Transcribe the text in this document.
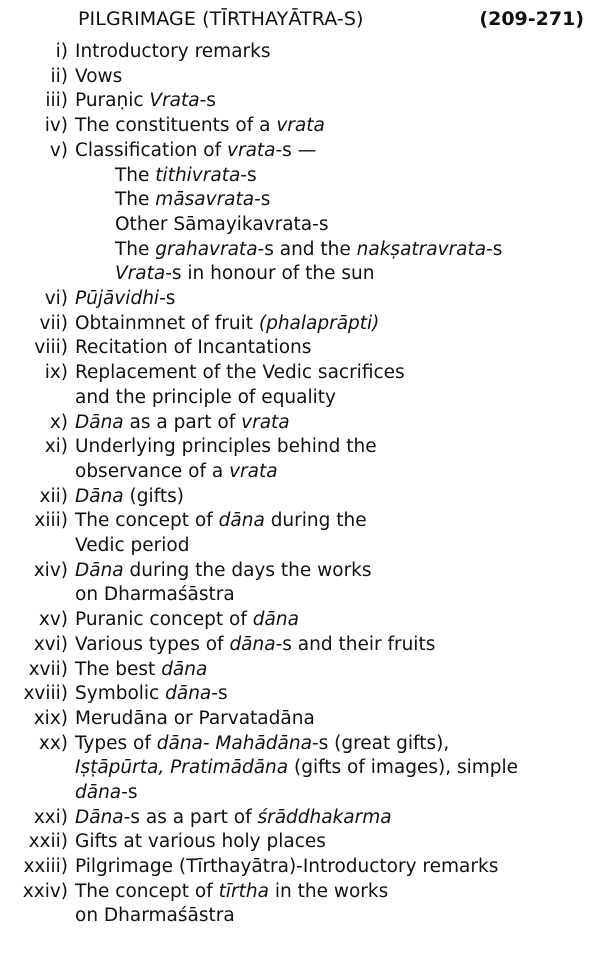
PILGRIMAGE (TĪRTHAYĀTRA-S)	(209-271)
i) Introductory remarks
ii) Vows
iii) Puraṇic Vrata-s
iv) The constituents of a vrata
v) Classification of vrata-s —
The tithivrata-s
The māsavrata-s
Other Sāmayikavrata-s
The grahavrata-s and the nakṣatravrata-s
Vrata-s in honour of the sun
vi) Pūjāvidhi-s
vii) Obtainmnet of fruit (phalaprāpti)
viii) Recitation of Incantations
ix) Replacement of the Vedic sacrifices
and the principle of equality
x) Dāna as a part of vrata
xi) Underlying principles behind the
observance of a vrata
xii) Dāna (gifts)
xiii) The concept of dāna during the
Vedic period
xiv) Dāna during the days the works
on Dharmaśāstra
xv) Puranic concept of dāna
xvi) Various types of dāna-s and their fruits
xvii) The best dāna
xviii) Symbolic dāna-s
xix) Merudāna or Parvatadāna
xx) Types of dāna- Mahādāna-s (great gifts),
Iṣṭāpūrta, Pratimādāna (gifts of images), simple
dāna-s
xxi) Dāna-s as a part of śrāddhakarma
xxii) Gifts at various holy places
xxiii) Pilgrimage (Tīrthayātra)-Introductory remarks
xxiv) The concept of tīrtha in the works
on Dharmaśāstra
